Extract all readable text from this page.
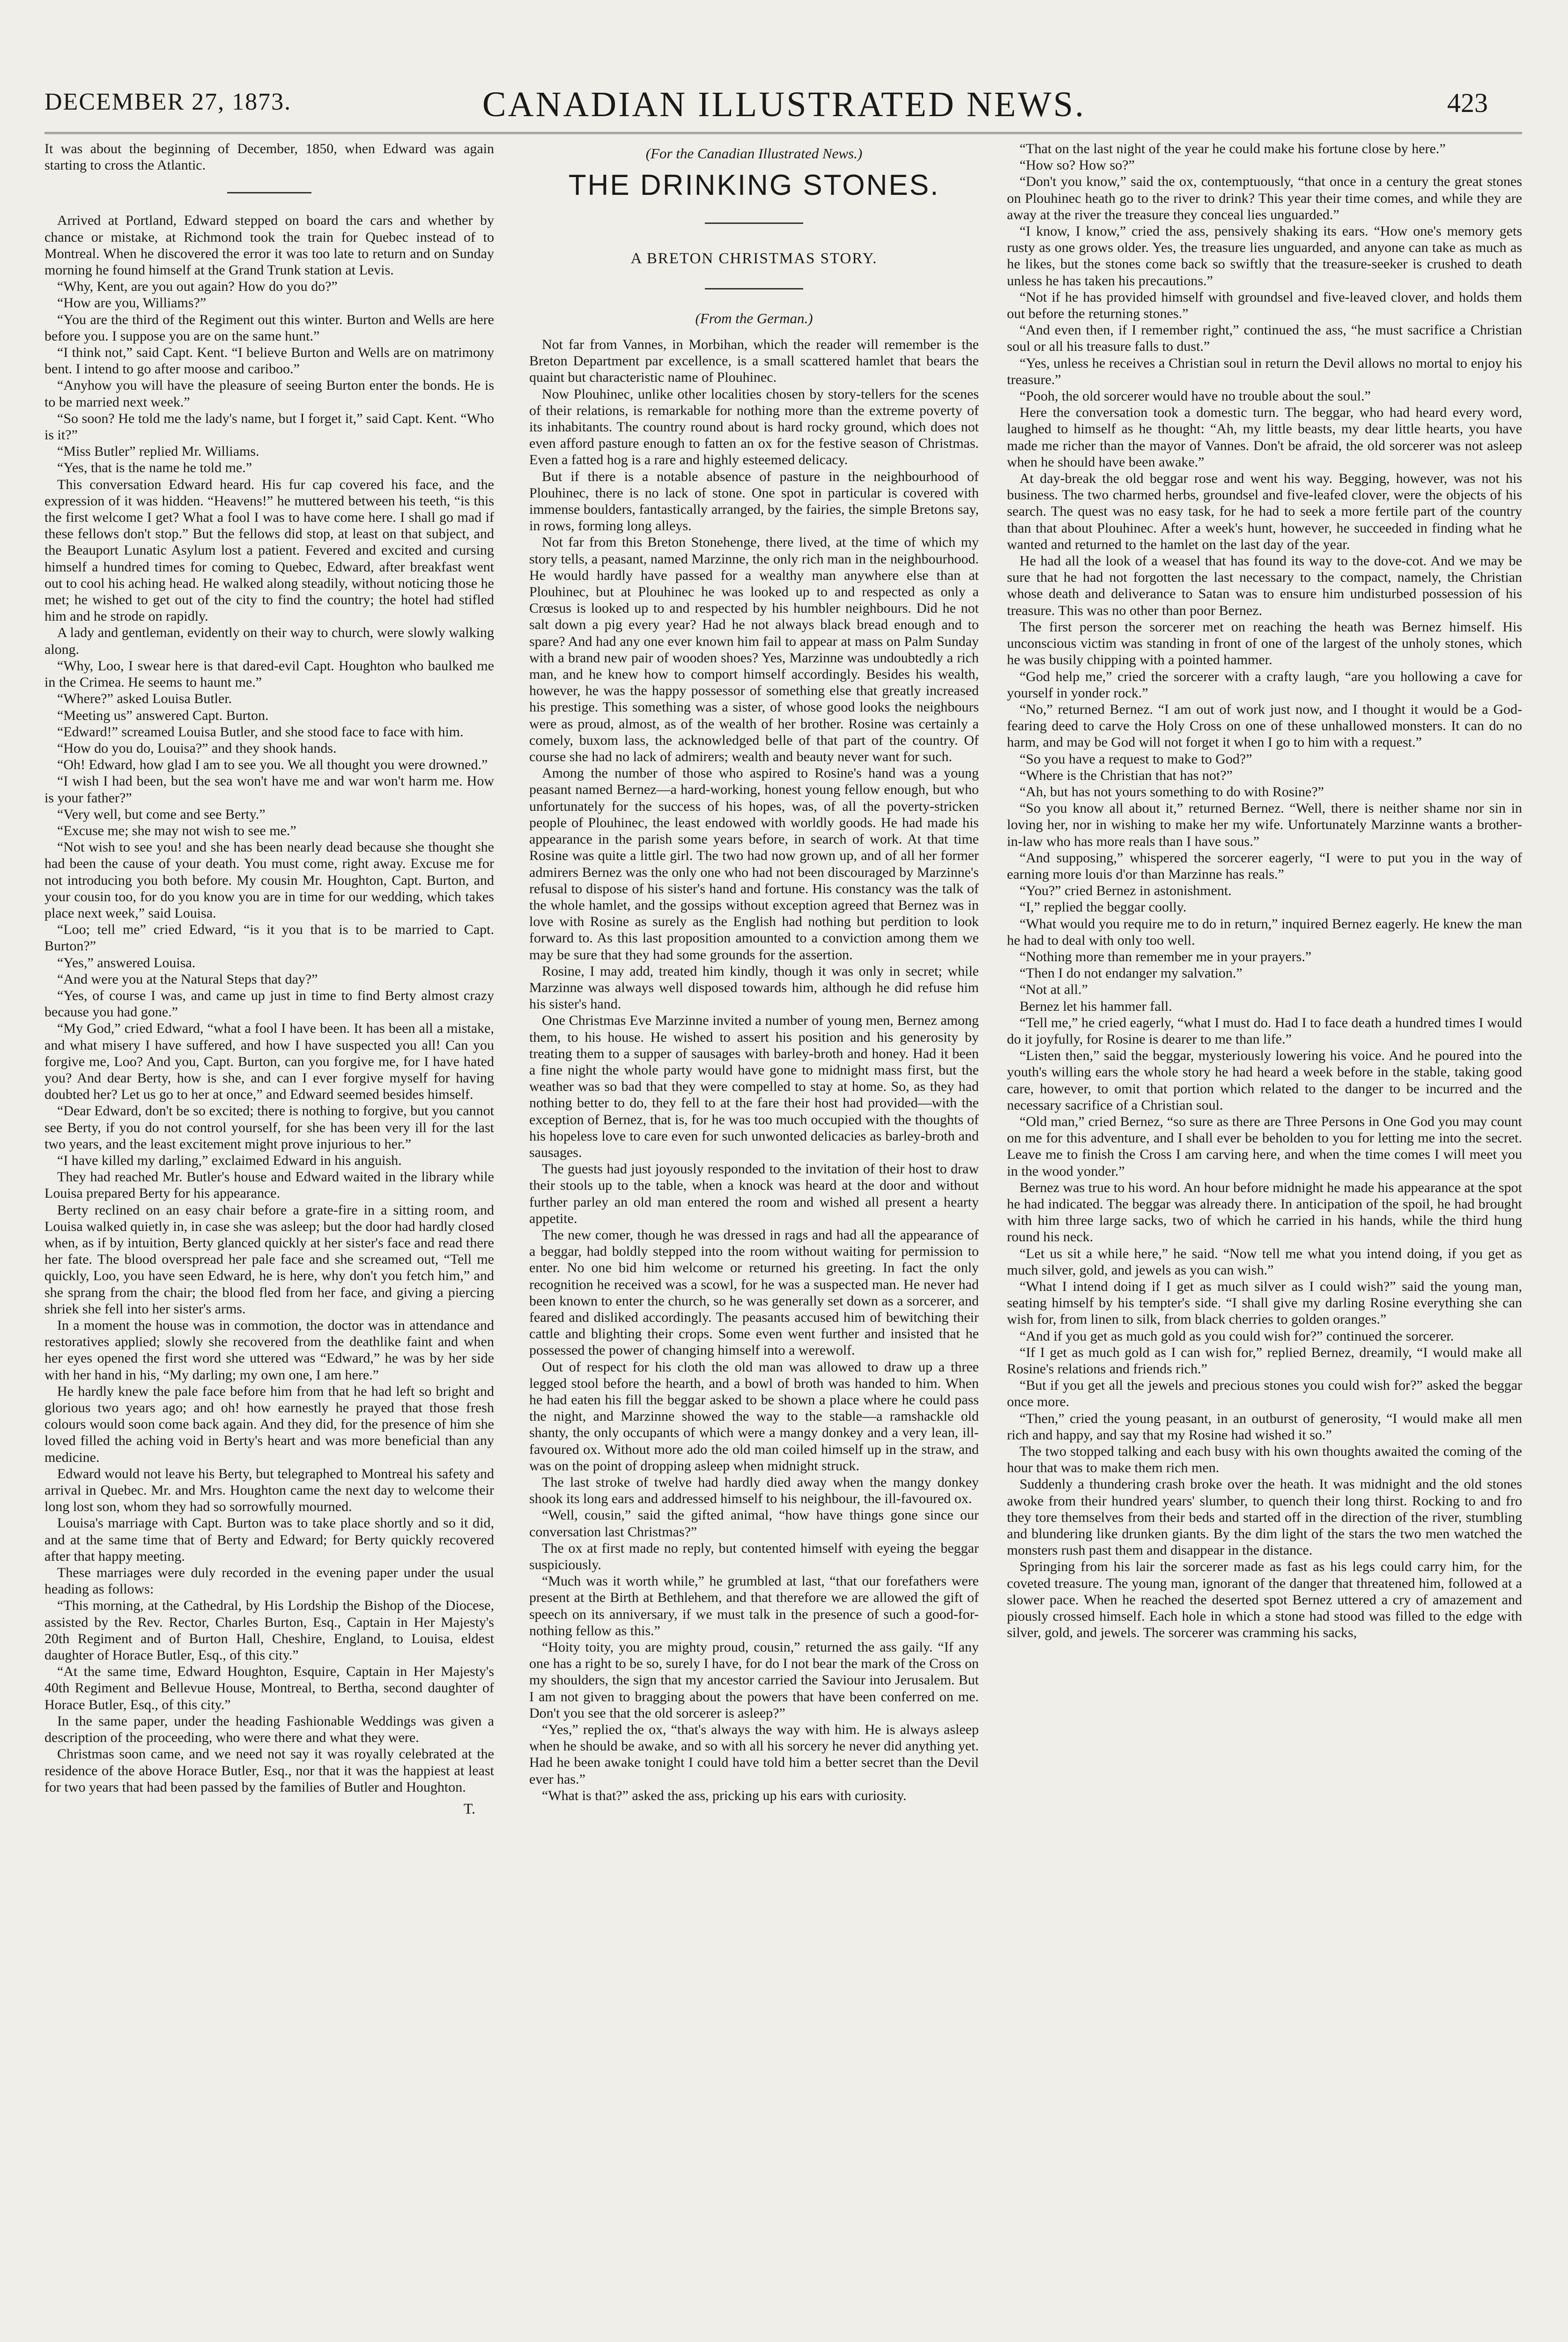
DECEMBER 27, 1873.	CANADIAN ILLUSTRATED NEWS.	423

It was about the beginning of December, 1850, when Edward was again starting to cross the Atlantic.

Arrived at Portland, Edward stepped on board the cars and whether by chance or mistake, at Richmond took the train for Quebec instead of to Montreal. When he discovered the error it was too late to return and on Sunday morning he found himself at the Grand Trunk station at Levis.

“Why, Kent, are you out again? How do you do?”

“How are you, Williams?”

“You are the third of the Regiment out this winter. Burton and Wells are here before you. I suppose you are on the same hunt.”

“I think not,” said Capt. Kent. “I believe Burton and Wells are on matrimony bent. I intend to go after moose and cariboo.”

“Anyhow you will have the pleasure of seeing Burton enter the bonds. He is to be married next week.”

“So soon? He told me the lady's name, but I forget it,” said Capt. Kent. “Who is it?”

“Miss Butler” replied Mr. Williams.

“Yes, that is the name he told me.”

This conversation Edward heard. His fur cap covered his face, and the expression of it was hidden. “Heavens!” he muttered between his teeth, “is this the first welcome I get? What a fool I was to have come here. I shall go mad if these fellows don't stop.” But the fellows did stop, at least on that subject, and the Beauport Lunatic Asylum lost a patient. Fevered and excited and cursing himself a hundred times for coming to Quebec, Edward, after breakfast went out to cool his aching head. He walked along steadily, without noticing those he met; he wished to get out of the city to find the country; the hotel had stifled him and he strode on rapidly.

A lady and gentleman, evidently on their way to church, were slowly walking along.

“Why, Loo, I swear here is that dared-evil Capt. Houghton who baulked me in the Crimea. He seems to haunt me.”

“Where?” asked Louisa Butler.

“Meeting us” answered Capt. Burton.

“Edward!” screamed Louisa Butler, and she stood face to face with him.

“How do you do, Louisa?” and they shook hands.

“Oh! Edward, how glad I am to see you. We all thought you were drowned.”

“I wish I had been, but the sea won't have me and war won't harm me. How is your father?”

“Very well, but come and see Berty.”

“Excuse me; she may not wish to see me.”

“Not wish to see you! and she has been nearly dead because she thought she had been the cause of your death. You must come, right away. Excuse me for not introducing you both before. My cousin Mr. Houghton, Capt. Burton, and your cousin too, for do you know you are in time for our wedding, which takes place next week,” said Louisa.

“Loo; tell me” cried Edward, “is it you that is to be married to Capt. Burton?”

“Yes,” answered Louisa.

“And were you at the Natural Steps that day?”

“Yes, of course I was, and came up just in time to find Berty almost crazy because you had gone.”

“My God,” cried Edward, “what a fool I have been. It has been all a mistake, and what misery I have suffered, and how I have suspected you all! Can you forgive me, Loo? And you, Capt. Burton, can you forgive me, for I have hated you? And dear Berty, how is she, and can I ever forgive myself for having doubted her? Let us go to her at once,” and Edward seemed besides himself.

“Dear Edward, don't be so excited; there is nothing to forgive, but you cannot see Berty, if you do not control yourself, for she has been very ill for the last two years, and the least excitement might prove injurious to her.”

“I have killed my darling,” exclaimed Edward in his anguish.

They had reached Mr. Butler's house and Edward waited in the library while Louisa prepared Berty for his appearance.

Berty reclined on an easy chair before a grate-fire in a sitting room, and Louisa walked quietly in, in case she was asleep; but the door had hardly closed when, as if by intuition, Berty glanced quickly at her sister's face and read there her fate. The blood overspread her pale face and she screamed out, “Tell me quickly, Loo, you have seen Edward, he is here, why don't you fetch him,” and she sprang from the chair; the blood fled from her face, and giving a piercing shriek she fell into her sister's arms.

In a moment the house was in commotion, the doctor was in attendance and restoratives applied; slowly she recovered from the deathlike faint and when her eyes opened the first word she uttered was “Edward,” he was by her side with her hand in his, “My darling; my own one, I am here.”

He hardly knew the pale face before him from that he had left so bright and glorious two years ago; and oh! how earnestly he prayed that those fresh colours would soon come back again. And they did, for the presence of him she loved filled the aching void in Berty's heart and was more beneficial than any medicine.

Edward would not leave his Berty, but telegraphed to Montreal his safety and arrival in Quebec. Mr. and Mrs. Houghton came the next day to welcome their long lost son, whom they had so sorrowfully mourned.

Louisa's marriage with Capt. Burton was to take place shortly and so it did, and at the same time that of Berty and Edward; for Berty quickly recovered after that happy meeting.

These marriages were duly recorded in the evening paper under the usual heading as follows:

“This morning, at the Cathedral, by His Lordship the Bishop of the Diocese, assisted by the Rev. Rector, Charles Burton, Esq., Captain in Her Majesty's 20th Regiment and of Burton Hall, Cheshire, England, to Louisa, eldest daughter of Horace Butler, Esq., of this city.”

“At the same time, Edward Houghton, Esquire, Captain in Her Majesty's 40th Regiment and Bellevue House, Montreal, to Bertha, second daughter of Horace Butler, Esq., of this city.”

In the same paper, under the heading Fashionable Weddings was given a description of the proceeding, who were there and what they were.

Christmas soon came, and we need not say it was royally celebrated at the residence of the above Horace Butler, Esq., nor that it was the happiest at least for two years that had been passed by the families of Butler and Houghton.

T.
(For the Canadian Illustrated News.)
THE DRINKING STONES.
A BRETON CHRISTMAS STORY.
(From the German.)

Not far from Vannes, in Morbihan, which the reader will remember is the Breton Department par excellence, is a small scattered hamlet that bears the quaint but characteristic name of Plouhinec.

Now Plouhinec, unlike other localities chosen by story-tellers for the scenes of their relations, is remarkable for nothing more than the extreme poverty of its inhabitants. The country round about is hard rocky ground, which does not even afford pasture enough to fatten an ox for the festive season of Christmas. Even a fatted hog is a rare and highly esteemed delicacy.

But if there is a notable absence of pasture in the neighbourhood of Plouhinec, there is no lack of stone. One spot in particular is covered with immense boulders, fantastically arranged, by the fairies, the simple Bretons say, in rows, forming long alleys.

Not far from this Breton Stonehenge, there lived, at the time of which my story tells, a peasant, named Marzinne, the only rich man in the neighbourhood. He would hardly have passed for a wealthy man anywhere else than at Plouhinec, but at Plouhinec he was looked up to and respected as only a Crœsus is looked up to and respected by his humbler neighbours. Did he not salt down a pig every year? Had he not always black bread enough and to spare? And had any one ever known him fail to appear at mass on Palm Sunday with a brand new pair of wooden shoes? Yes, Marzinne was undoubtedly a rich man, and he knew how to comport himself accordingly. Besides his wealth, however, he was the happy possessor of something else that greatly increased his prestige. This something was a sister, of whose good looks the neighbours were as proud, almost, as of the wealth of her brother. Rosine was certainly a comely, buxom lass, the acknowledged belle of that part of the country. Of course she had no lack of admirers; wealth and beauty never want for such.

Among the number of those who aspired to Rosine's hand was a young peasant named Bernez—a hard-working, honest young fellow enough, but who unfortunately for the success of his hopes, was, of all the poverty-stricken people of Plouhinec, the least endowed with worldly goods. He had made his appearance in the parish some years before, in search of work. At that time Rosine was quite a little girl. The two had now grown up, and of all her former admirers Bernez was the only one who had not been discouraged by Marzinne's refusal to dispose of his sister's hand and fortune. His constancy was the talk of the whole hamlet, and the gossips without exception agreed that Bernez was in love with Rosine as surely as the English had nothing but perdition to look forward to. As this last proposition amounted to a conviction among them we may be sure that they had some grounds for the assertion.

Rosine, I may add, treated him kindly, though it was only in secret; while Marzinne was always well disposed towards him, although he did refuse him his sister's hand.

One Christmas Eve Marzinne invited a number of young men, Bernez among them, to his house. He wished to assert his position and his generosity by treating them to a supper of sausages with barley-broth and honey. Had it been a fine night the whole party would have gone to midnight mass first, but the weather was so bad that they were compelled to stay at home. So, as they had nothing better to do, they fell to at the fare their host had provided—with the exception of Bernez, that is, for he was too much occupied with the thoughts of his hopeless love to care even for such unwonted delicacies as barley-broth and sausages.

The guests had just joyously responded to the invitation of their host to draw their stools up to the table, when a knock was heard at the door and without further parley an old man entered the room and wished all present a hearty appetite.

The new comer, though he was dressed in rags and had all the appearance of a beggar, had boldly stepped into the room without waiting for permission to enter. No one bid him welcome or returned his greeting. In fact the only recognition he received was a scowl, for he was a suspected man. He never had been known to enter the church, so he was generally set down as a sorcerer, and feared and disliked accordingly. The peasants accused him of bewitching their cattle and blighting their crops. Some even went further and insisted that he possessed the power of changing himself into a werewolf.

Out of respect for his cloth the old man was allowed to draw up a three legged stool before the hearth, and a bowl of broth was handed to him. When he had eaten his fill the beggar asked to be shown a place where he could pass the night, and Marzinne showed the way to the stable—a ramshackle old shanty, the only occupants of which were a mangy donkey and a very lean, ill-favoured ox. Without more ado the old man coiled himself up in the straw, and was on the point of dropping asleep when midnight struck.

The last stroke of twelve had hardly died away when the mangy donkey shook its long ears and addressed himself to his neighbour, the ill-favoured ox.

“Well, cousin,” said the gifted animal, “how have things gone since our conversation last Christmas?”

The ox at first made no reply, but contented himself with eyeing the beggar suspiciously.

“Much was it worth while,” he grumbled at last, “that our forefathers were present at the Birth at Bethlehem, and that therefore we are allowed the gift of speech on its anniversary, if we must talk in the presence of such a good-for-nothing fellow as this.”

“Hoity toity, you are mighty proud, cousin,” returned the ass gaily. “If any one has a right to be so, surely I have, for do I not bear the mark of the Cross on my shoulders, the sign that my ancestor carried the Saviour into Jerusalem. But I am not given to bragging about the powers that have been conferred on me. Don't you see that the old sorcerer is asleep?”

“Yes,” replied the ox, “that's always the way with him. He is always asleep when he should be awake, and so with all his sorcery he never did anything yet. Had he been awake tonight I could have told him a better secret than the Devil ever has.”

“What is that?” asked the ass, pricking up his ears with curiosity.

“That on the last night of the year he could make his fortune close by here.”

“How so? How so?”

“Don't you know,” said the ox, contemptuously, “that once in a century the great stones on Plouhinec heath go to the river to drink? This year their time comes, and while they are away at the river the treasure they conceal lies unguarded.”

“I know, I know,” cried the ass, pensively shaking its ears. “How one's memory gets rusty as one grows older. Yes, the treasure lies unguarded, and anyone can take as much as he likes, but the stones come back so swiftly that the treasure-seeker is crushed to death unless he has taken his precautions.”

“Not if he has provided himself with groundsel and five-leaved clover, and holds them out before the returning stones.”

“And even then, if I remember right,” continued the ass, “he must sacrifice a Christian soul or all his treasure falls to dust.”

“Yes, unless he receives a Christian soul in return the Devil allows no mortal to enjoy his treasure.”

“Pooh, the old sorcerer would have no trouble about the soul.”

Here the conversation took a domestic turn. The beggar, who had heard every word, laughed to himself as he thought: “Ah, my little beasts, my dear little hearts, you have made me richer than the mayor of Vannes. Don't be afraid, the old sorcerer was not asleep when he should have been awake.”

At day-break the old beggar rose and went his way. Begging, however, was not his business. The two charmed herbs, groundsel and five-leafed clover, were the objects of his search. The quest was no easy task, for he had to seek a more fertile part of the country than that about Plouhinec. After a week's hunt, however, he succeeded in finding what he wanted and returned to the hamlet on the last day of the year.

He had all the look of a weasel that has found its way to the dove-cot. And we may be sure that he had not forgotten the last necessary to the compact, namely, the Christian whose death and deliverance to Satan was to ensure him undisturbed possession of his treasure. This was no other than poor Bernez.

The first person the sorcerer met on reaching the heath was Bernez himself. His unconscious victim was standing in front of one of the largest of the unholy stones, which he was busily chipping with a pointed hammer.

“God help me,” cried the sorcerer with a crafty laugh, “are you hollowing a cave for yourself in yonder rock.”

“No,” returned Bernez. “I am out of work just now, and I thought it would be a God-fearing deed to carve the Holy Cross on one of these unhallowed monsters. It can do no harm, and may be God will not forget it when I go to him with a request.”

“So you have a request to make to God?”

“Where is the Christian that has not?”

“Ah, but has not yours something to do with Rosine?”

“So you know all about it,” returned Bernez. “Well, there is neither shame nor sin in loving her, nor in wishing to make her my wife. Unfortunately Marzinne wants a brother-in-law who has more reals than I have sous.”

“And supposing,” whispered the sorcerer eagerly, “I were to put you in the way of earning more louis d'or than Marzinne has reals.”

“You?” cried Bernez in astonishment.

“I,” replied the beggar coolly.

“What would you require me to do in return,” inquired Bernez eagerly. He knew the man he had to deal with only too well.

“Nothing more than remember me in your prayers.”

“Then I do not endanger my salvation.”

“Not at all.”

Bernez let his hammer fall.

“Tell me,” he cried eagerly, “what I must do. Had I to face death a hundred times I would do it joyfully, for Rosine is dearer to me than life.”

“Listen then,” said the beggar, mysteriously lowering his voice. And he poured into the youth's willing ears the whole story he had heard a week before in the stable, taking good care, however, to omit that portion which related to the danger to be incurred and the necessary sacrifice of a Christian soul.

“Old man,” cried Bernez, “so sure as there are Three Persons in One God you may count on me for this adventure, and I shall ever be beholden to you for letting me into the secret. Leave me to finish the Cross I am carving here, and when the time comes I will meet you in the wood yonder.”

Bernez was true to his word. An hour before midnight he made his appearance at the spot he had indicated. The beggar was already there. In anticipation of the spoil, he had brought with him three large sacks, two of which he carried in his hands, while the third hung round his neck.

“Let us sit a while here,” he said. “Now tell me what you intend doing, if you get as much silver, gold, and jewels as you can wish.”

“What I intend doing if I get as much silver as I could wish?” said the young man, seating himself by his tempter's side. “I shall give my darling Rosine everything she can wish for, from linen to silk, from black cherries to golden oranges.”

“And if you get as much gold as you could wish for?” continued the sorcerer.

“If I get as much gold as I can wish for,” replied Bernez, dreamily, “I would make all Rosine's relations and friends rich.”

“But if you get all the jewels and precious stones you could wish for?” asked the beggar once more.

“Then,” cried the young peasant, in an outburst of generosity, “I would make all men rich and happy, and say that my Rosine had wished it so.”

The two stopped talking and each busy with his own thoughts awaited the coming of the hour that was to make them rich men.

Suddenly a thundering crash broke over the heath. It was midnight and the old stones awoke from their hundred years' slumber, to quench their long thirst. Rocking to and fro they tore themselves from their beds and started off in the direction of the river, stumbling and blundering like drunken giants. By the dim light of the stars the two men watched the monsters rush past them and disappear in the distance.

Springing from his lair the sorcerer made as fast as his legs could carry him, for the coveted treasure. The young man, ignorant of the danger that threatened him, followed at a slower pace. When he reached the deserted spot Bernez uttered a cry of amazement and piously crossed himself. Each hole in which a stone had stood was filled to the edge with silver, gold, and jewels. The sorcerer was cramming his sacks,
